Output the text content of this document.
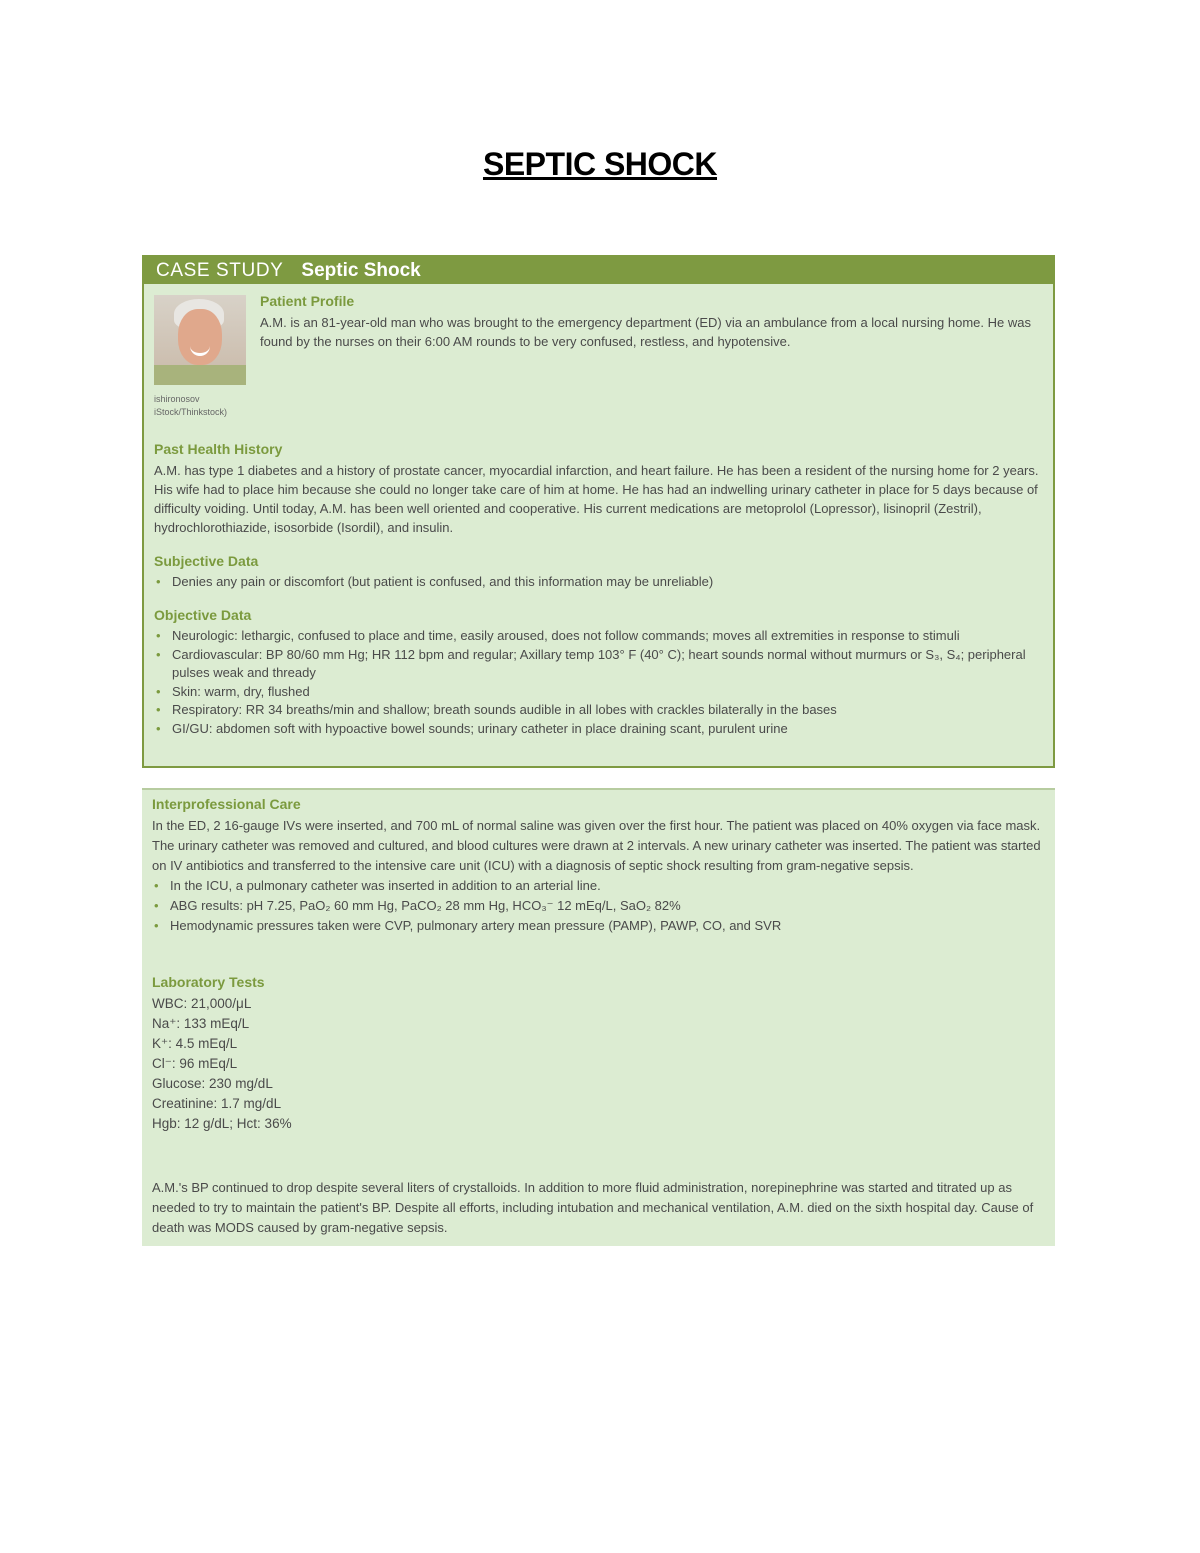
SEPTIC SHOCK
CASE STUDY Septic Shock
ishironosov
iStock/Thinkstock)
Patient Profile
A.M. is an 81-year-old man who was brought to the emergency department (ED) via an ambulance from a local nursing home. He was found by the nurses on their 6:00 AM rounds to be very confused, restless, and hypotensive.
Past Health History
A.M. has type 1 diabetes and a history of prostate cancer, myocardial infarction, and heart failure. He has been a resident of the nursing home for 2 years. His wife had to place him because she could no longer take care of him at home. He has had an indwelling urinary catheter in place for 5 days because of difficulty voiding. Until today, A.M. has been well oriented and cooperative. His current medications are metoprolol (Lopressor), lisinopril (Zestril), hydrochlorothiazide, isosorbide (Isordil), and insulin.
Subjective Data
• Denies any pain or discomfort (but patient is confused, and this information may be unreliable)
Objective Data
• Neurologic: lethargic, confused to place and time, easily aroused, does not follow commands; moves all extremities in response to stimuli
• Cardiovascular: BP 80/60 mm Hg; HR 112 bpm and regular; Axillary temp 103° F (40° C); heart sounds normal without murmurs or S₃, S₄; peripheral pulses weak and thready
• Skin: warm, dry, flushed
• Respiratory: RR 34 breaths/min and shallow; breath sounds audible in all lobes with crackles bilaterally in the bases
• GI/GU: abdomen soft with hypoactive bowel sounds; urinary catheter in place draining scant, purulent urine
Interprofessional Care
In the ED, 2 16-gauge IVs were inserted, and 700 mL of normal saline was given over the first hour. The patient was placed on 40% oxygen via face mask. The urinary catheter was removed and cultured, and blood cultures were drawn at 2 intervals. A new urinary catheter was inserted. The patient was started on IV antibiotics and transferred to the intensive care unit (ICU) with a diagnosis of septic shock resulting from gram-negative sepsis.
• In the ICU, a pulmonary catheter was inserted in addition to an arterial line.
• ABG results: pH 7.25, PaO₂ 60 mm Hg, PaCO₂ 28 mm Hg, HCO₃⁻ 12 mEq/L, SaO₂ 82%
• Hemodynamic pressures taken were CVP, pulmonary artery mean pressure (PAMP), PAWP, CO, and SVR
Laboratory Tests
WBC: 21,000/μL
Na⁺: 133 mEq/L
K⁺: 4.5 mEq/L
Cl⁻: 96 mEq/L
Glucose: 230 mg/dL
Creatinine: 1.7 mg/dL
Hgb: 12 g/dL; Hct: 36%
A.M.'s BP continued to drop despite several liters of crystalloids. In addition to more fluid administration, norepinephrine was started and titrated up as needed to try to maintain the patient's BP. Despite all efforts, including intubation and mechanical ventilation, A.M. died on the sixth hospital day. Cause of death was MODS caused by gram-negative sepsis.
